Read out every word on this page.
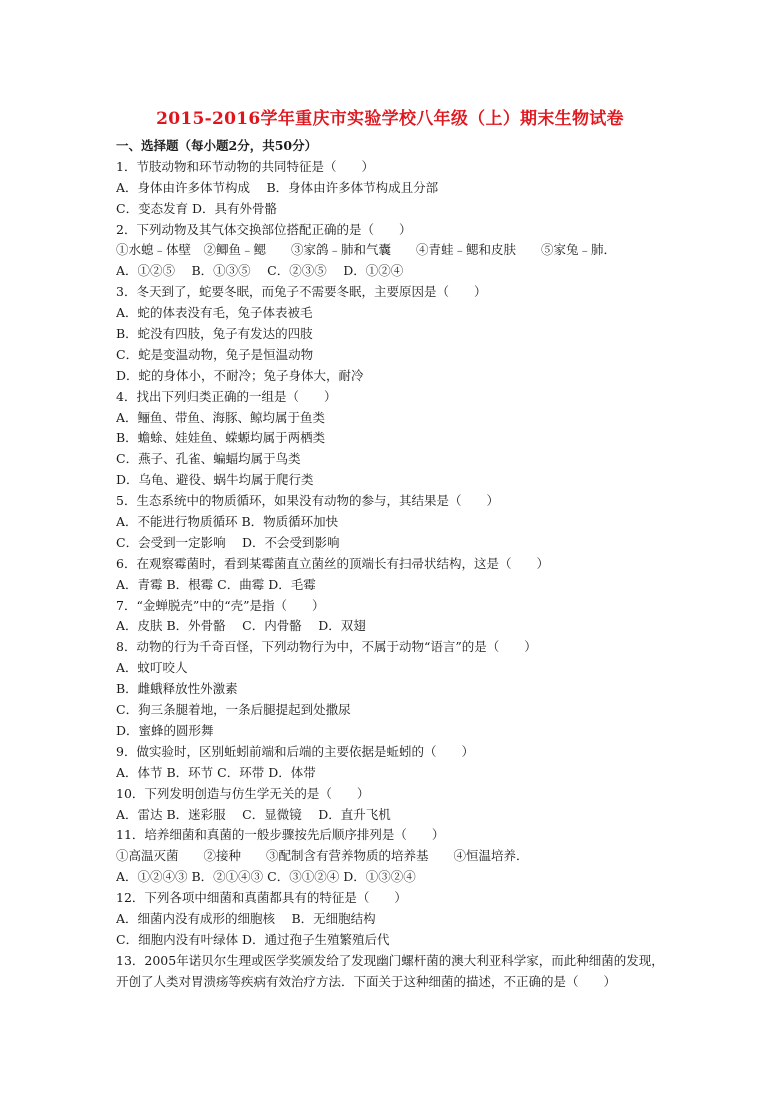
2015-2016学年重庆市实验学校八年级（上）期末生物试卷
一、选择题（每小题2分，共50分）
1．节肢动物和环节动物的共同特征是（　　）
A．身体由许多体节构成　 B．身体由许多体节构成且分部
C．变态发育 D．具有外骨骼
2．下列动物及其气体交换部位搭配正确的是（　　）
①水螅﹣体壁　②鲫鱼﹣鳃　　③家鸽﹣肺和气囊　　④青蛙﹣鳃和皮肤　　⑤家兔﹣肺．
A．①②⑤　 B．①③⑤　 C．②③⑤　 D．①②④
3．冬天到了，蛇要冬眠，而兔子不需要冬眠，主要原因是（　　）
A．蛇的体表没有毛，兔子体表被毛
B．蛇没有四肢，兔子有发达的四肢
C．蛇是变温动物，兔子是恒温动物
D．蛇的身体小，不耐冷；兔子身体大，耐冷
4．找出下列归类正确的一组是（　　）
A．鲡鱼、带鱼、海豚、鲸均属于鱼类
B．蟾蜍、娃娃鱼、蝾螈均属于两栖类
C．燕子、孔雀、蝙蝠均属于鸟类
D．乌龟、避役、蜗牛均属于爬行类
5．生态系统中的物质循环，如果没有动物的参与，其结果是（　　）
A．不能进行物质循环 B．物质循环加快
C．会受到一定影响　 D．不会受到影响
6．在观察霉菌时，看到某霉菌直立菌丝的顶端长有扫帚状结构，这是（　　）
A．青霉 B．根霉 C．曲霉 D．毛霉
7．“金蝉脱壳”中的“壳”是指（　　）
A．皮肤 B．外骨骼　 C．内骨骼　 D．双翅
8．动物的行为千奇百怪，下列动物行为中，不属于动物“语言”的是（　　）
A．蚊叮咬人
B．雌蛾释放性外激素
C．狗三条腿着地，一条后腿提起到处撒尿
D．蜜蜂的圆形舞
9．做实验时，区别蚯蚓前端和后端的主要依据是蚯蚓的（　　）
A．体节 B．环节 C．环带 D．体带
10．下列发明创造与仿生学无关的是（　　）
A．雷达 B．迷彩服　 C．显微镜　 D．直升飞机
11．培养细菌和真菌的一般步骤按先后顺序排列是（　　）
①高温灭菌　　②接种　　③配制含有营养物质的培养基　　④恒温培养．
A．①②④③ B．②①④③ C．③①②④ D．①③②④
12．下列各项中细菌和真菌都具有的特征是（　　）
A．细菌内没有成形的细胞核　 B．无细胞结构
C．细胞内没有叶绿体 D．通过孢子生殖繁殖后代
13．2005年诺贝尔生理或医学奖颁发给了发现幽门螺杆菌的澳大利亚科学家，而此种细菌的发现，开创了人类对胃溃疡等疾病有效治疗方法．下面关于这种细菌的描述，不正确的是（　　）
